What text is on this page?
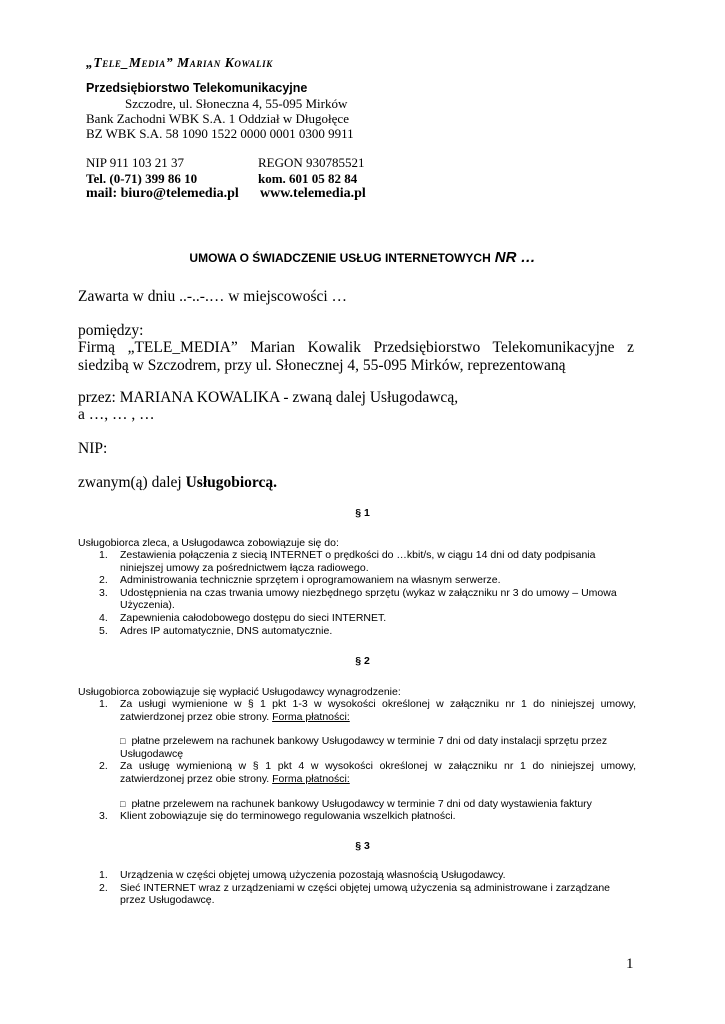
„Tele_Media” Marian Kowalik
Przedsiębiorstwo Telekomunikacyjne
Szczodre, ul. Słoneczna 4, 55-095 Mirków
Bank Zachodni WBK S.A. 1 Oddział w Długołęce
BZ WBK S.A. 58 1090 1522 0000 0001 0300 9911
NIP 911 103 21 37	REGON 930785521
Tel. (0-71) 399 86 10	kom. 601 05 82 84
mail: biuro@telemedia.pl www.telemedia.pl
UMOWA O ŚWIADCZENIE USŁUG INTERNETOWYCH NR …
Zawarta w dniu ..-..-.… w miejscowości …
pomiędzy:
Firmą „TELE_MEDIA” Marian Kowalik Przedsiębiorstwo Telekomunikacyjne z siedzibą w Szczodrem, przy ul. Słonecznej 4, 55-095 Mirków, reprezentowaną
przez: MARIANA KOWALIKA - zwaną dalej Usługodawcą,
a …, … , …
NIP:
zwanym(ą) dalej Usługobiorcą.
§ 1
Usługobiorca zleca, a Usługodawca zobowiązuje się do:
1. Zestawienia połączenia z siecią INTERNET o prędkości do …kbit/s, w ciągu 14 dni od daty podpisania niniejszej umowy za pośrednictwem łącza radiowego.
2. Administrowania technicznie sprzętem i oprogramowaniem na własnym serwerze.
3. Udostępnienia na czas trwania umowy niezbędnego sprzętu (wykaz w załączniku nr 3 do umowy – Umowa Użyczenia).
4. Zapewnienia całodobowego dostępu do sieci INTERNET.
5. Adres IP automatycznie, DNS automatycznie.
§ 2
Usługobiorca zobowiązuje się wypłacić Usługodawcy wynagrodzenie:
1. Za usługi wymienione w § 1 pkt 1-3 w wysokości określonej w załączniku nr 1 do niniejszej umowy, zatwierdzonej przez obie strony. Forma płatności:
□ płatne przelewem na rachunek bankowy Usługodawcy w terminie 7 dni od daty instalacji sprzętu przez Usługodawcę
2. Za usługę wymienioną w § 1 pkt 4 w wysokości określonej w załączniku nr 1 do niniejszej umowy, zatwierdzonej przez obie strony. Forma płatności:
□ płatne przelewem na rachunek bankowy Usługodawcy w terminie 7 dni od daty wystawienia faktury
3. Klient zobowiązuje się do terminowego regulowania wszelkich płatności.
§ 3
1. Urządzenia w części objętej umową użyczenia pozostają własnością Usługodawcy.
2. Sieć INTERNET wraz z urządzeniami w części objętej umową użyczenia są administrowane i zarządzane przez Usługodawcę.
1
